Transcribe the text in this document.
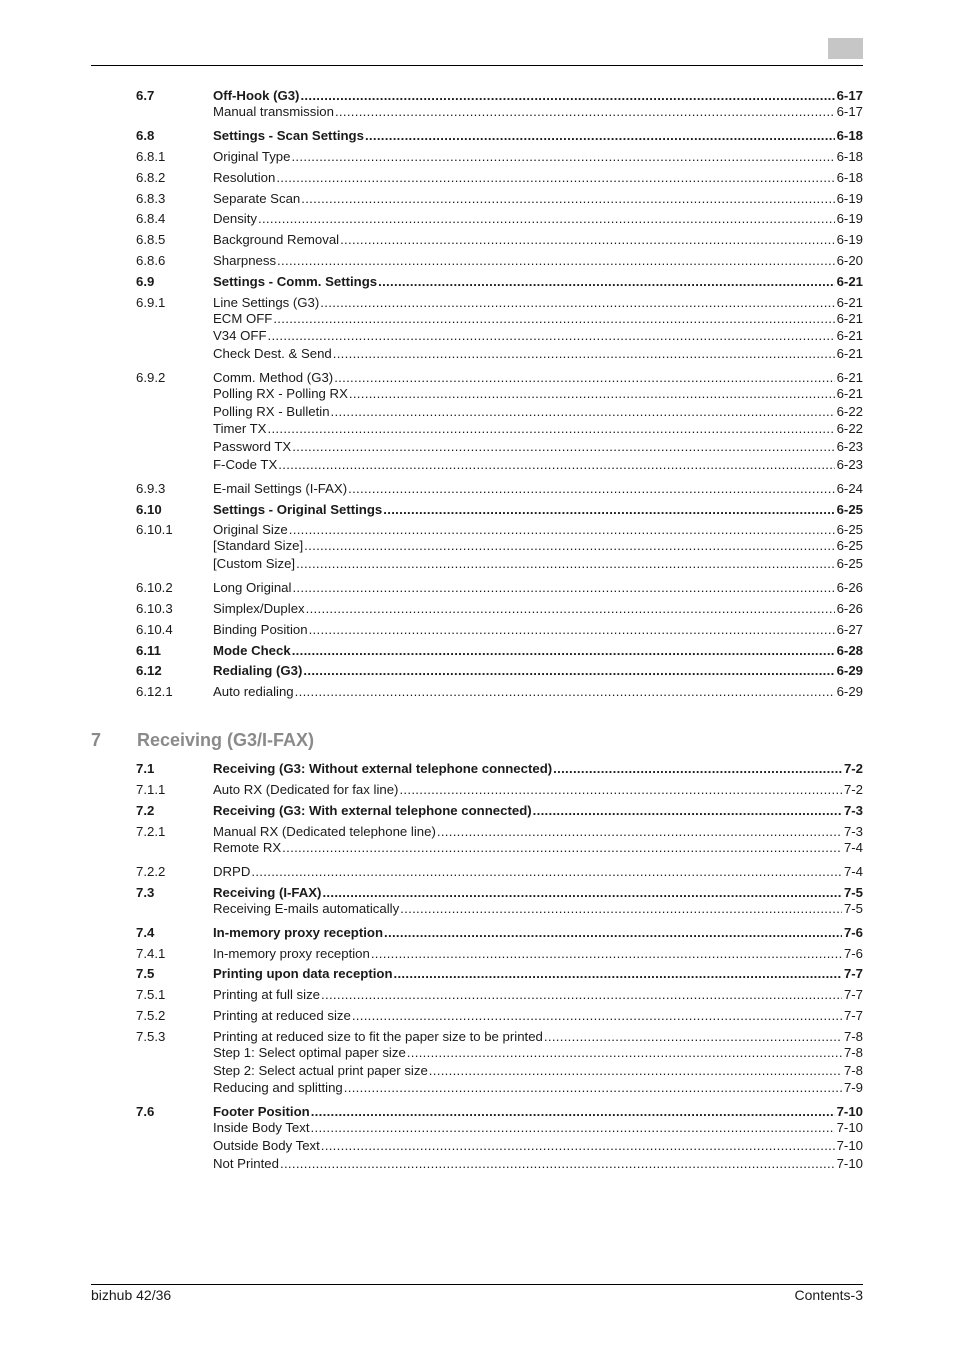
6.7	Off-Hook (G3) .....	6-17
Manual transmission .....	6-17
6.8	Settings - Scan Settings .....	6-18
6.8.1	Original Type .....	6-18
6.8.2	Resolution .....	6-18
6.8.3	Separate Scan .....	6-19
6.8.4	Density .....	6-19
6.8.5	Background Removal .....	6-19
6.8.6	Sharpness .....	6-20
6.9	Settings - Comm. Settings .....	6-21
6.9.1	Line Settings (G3) .....	6-21
ECM OFF .....	6-21
V34 OFF .....	6-21
Check Dest. & Send .....	6-21
6.9.2	Comm. Method (G3) .....	6-21
Polling RX - Polling RX .....	6-21
Polling RX - Bulletin .....	6-22
Timer TX .....	6-22
Password TX .....	6-23
F-Code TX .....	6-23
6.9.3	E-mail Settings (I-FAX) .....	6-24
6.10	Settings - Original Settings .....	6-25
6.10.1	Original Size .....	6-25
[Standard Size] .....	6-25
[Custom Size] .....	6-25
6.10.2	Long Original .....	6-26
6.10.3	Simplex/Duplex .....	6-26
6.10.4	Binding Position .....	6-27
6.11	Mode Check .....	6-28
6.12	Redialing (G3) .....	6-29
6.12.1	Auto redialing .....	6-29
7.1	Receiving (G3: Without external telephone connected) .....	7-2
7.1.1	Auto RX (Dedicated for fax line) .....	7-2
7.2	Receiving (G3: With external telephone connected) .....	7-3
7.2.1	Manual RX (Dedicated telephone line) .....	7-3
Remote RX .....	7-4
7.2.2	DRPD .....	7-4
7.3	Receiving (I-FAX) .....	7-5
Receiving E-mails automatically .....	7-5
7.4	In-memory proxy reception .....	7-6
7.4.1	In-memory proxy reception .....	7-6
7.5	Printing upon data reception .....	7-7
7.5.1	Printing at full size .....	7-7
7.5.2	Printing at reduced size .....	7-7
7.5.3	Printing at reduced size to fit the paper size to be printed .....	7-8
Step 1: Select optimal paper size .....	7-8
Step 2: Select actual print paper size .....	7-8
Reducing and splitting .....	7-9
7.6	Footer Position .....	7-10
Inside Body Text .....	7-10
Outside Body Text .....	7-10
Not Printed .....	7-10
7 Receiving (G3/I-FAX)
bizhub 42/36	Contents-3
